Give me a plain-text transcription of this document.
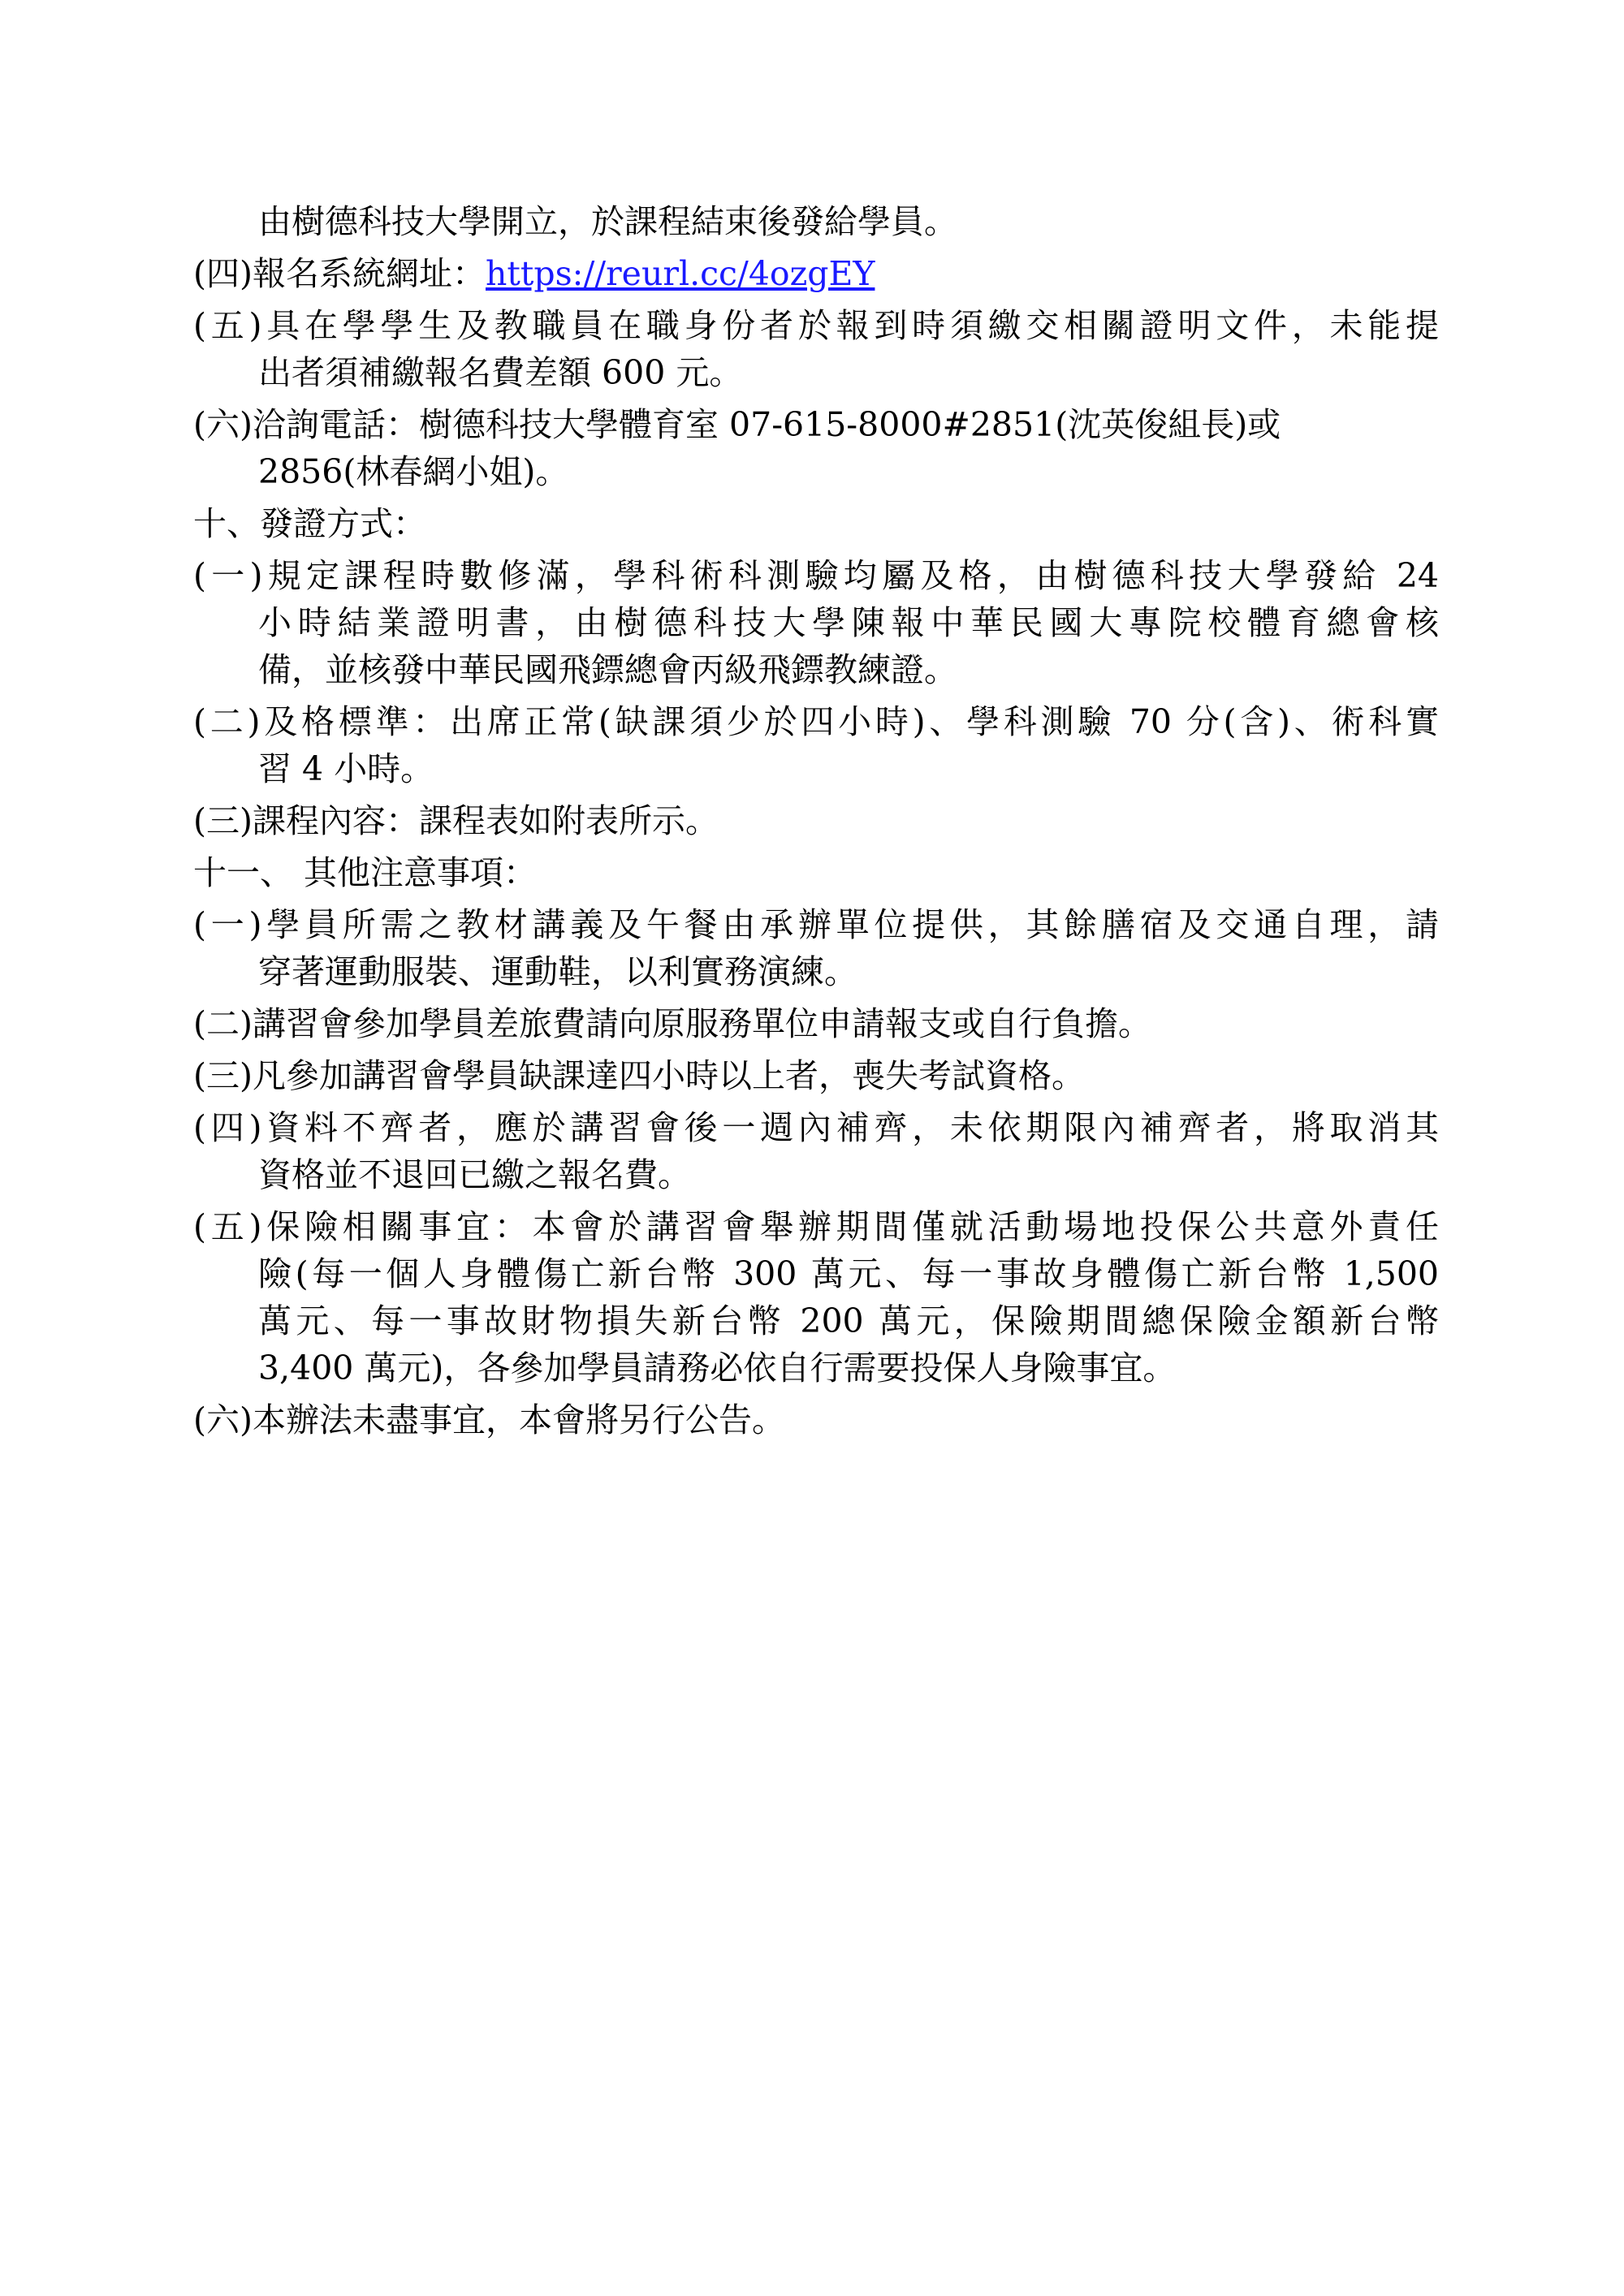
由樹德科技大學開立，於課程結束後發給學員。
(四)報名系統網址：https://reurl.cc/4ozgEY
(五)具在學學生及教職員在職身份者於報到時須繳交相關證明文件，未能提
出者須補繳報名費差額 600 元。
(六)洽詢電話：樹德科技大學體育室 07-615-8000#2851(沈英俊組長)或
2856(林春網小姐)。
十、發證方式：
(一)規定課程時數修滿，學科術科測驗均屬及格，由樹德科技大學發給 24
小時結業證明書，由樹德科技大學陳報中華民國大專院校體育總會核
備，並核發中華民國飛鏢總會丙級飛鏢教練證。
(二)及格標準：出席正常(缺課須少於四小時)、學科測驗 70 分(含)、術科實
習 4 小時。
(三)課程內容：課程表如附表所示。
十一、 其他注意事項：
(一)學員所需之教材講義及午餐由承辦單位提供，其餘膳宿及交通自理，請
穿著運動服裝、運動鞋，以利實務演練。
(二)講習會參加學員差旅費請向原服務單位申請報支或自行負擔。
(三)凡參加講習會學員缺課達四小時以上者，喪失考試資格。
(四)資料不齊者，應於講習會後一週內補齊，未依期限內補齊者，將取消其
資格並不退回已繳之報名費。
(五)保險相關事宜：本會於講習會舉辦期間僅就活動場地投保公共意外責任
險(每一個人身體傷亡新台幣 300 萬元、每一事故身體傷亡新台幣 1,500
萬元、每一事故財物損失新台幣 200 萬元，保險期間總保險金額新台幣
3,400 萬元)，各參加學員請務必依自行需要投保人身險事宜。
(六)本辦法未盡事宜，本會將另行公告。
